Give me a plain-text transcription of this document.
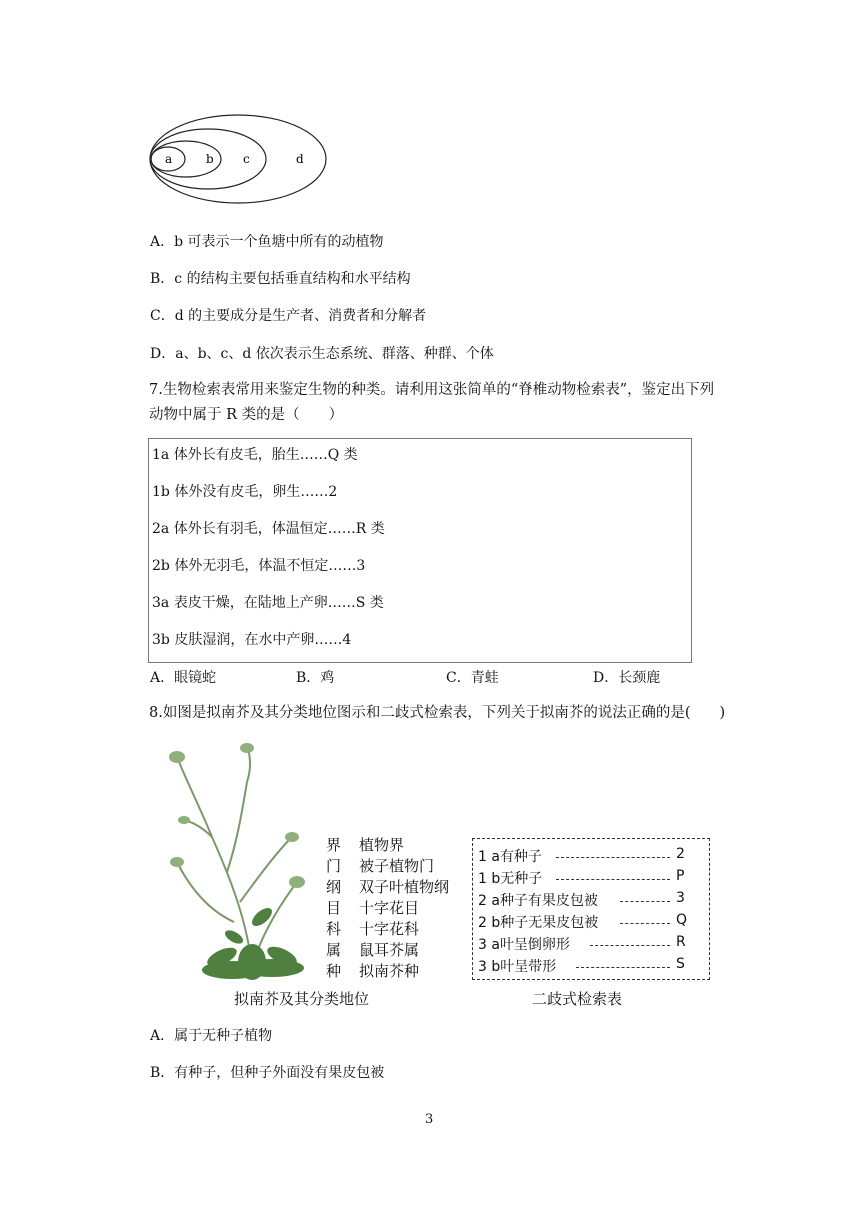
a	b c	d
A．b 可表示一个鱼塘中所有的动植物
B．c 的结构主要包括垂直结构和水平结构
C．d 的主要成分是生产者、消费者和分解者
D．a、b、c、d 依次表示生态系统、群落、种群、个体
7.生物检索表常用来鉴定生物的种类。请利用这张简单的“脊椎动物检索表”，鉴定出下列
动物中属于 R 类的是（　　）
1a 体外长有皮毛，胎生……Q 类
1b 体外没有皮毛，卵生……2
2a 体外长有羽毛，体温恒定……R 类
2b 体外无羽毛，体温不恒定……3
3a 表皮干燥，在陆地上产卵……S 类
3b 皮肤湿润，在水中产卵……4
A．眼镜蛇	B．鸡	C．青蛙	D．长颈鹿
8.如图是拟南芥及其分类地位图示和二歧式检索表，下列关于拟南芥的说法正确的是(　　)
界 植物界
门 被子植物门
纲 双子叶植物纲
目 十字花目
科 十字花科
属 鼠耳芥属
种 拟南芥种
拟南芥及其分类地位
1 a有种子	2
1 b无种子	P
2 a种子有果皮包被	3
2 b种子无果皮包被	Q
3 a叶呈倒卵形	R
3 b叶呈带形	S
二歧式检索表
A．属于无种子植物
B．有种子，但种子外面没有果皮包被
3
